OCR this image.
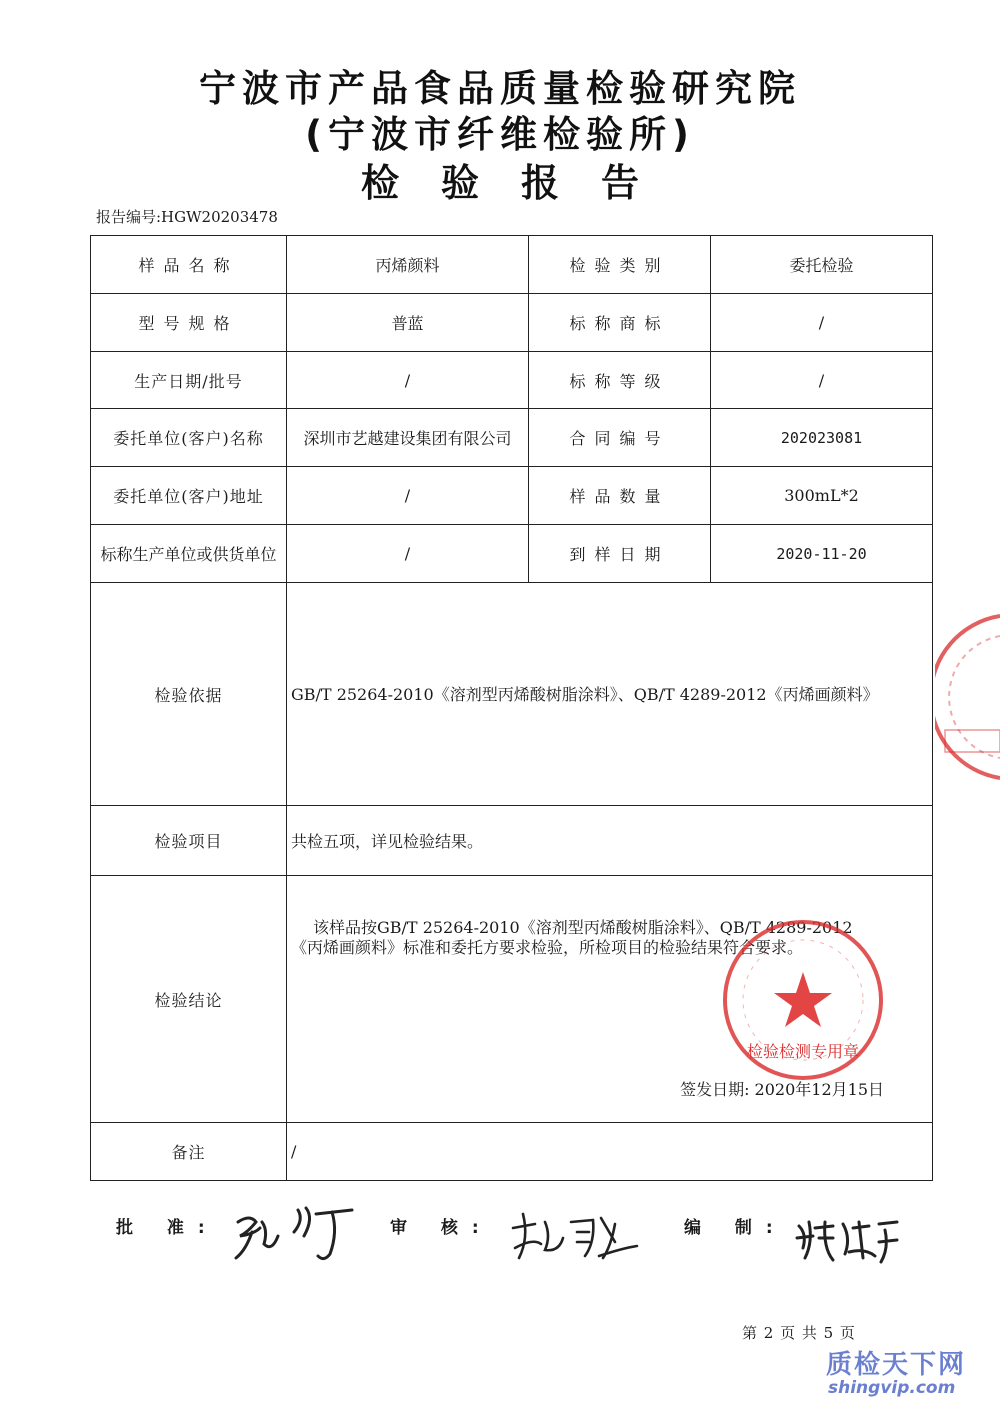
宁波市产品食品质量检验研究院
(宁波市纤维检验所)
检验报告
报告编号:HGW20203478
样品名称	丙烯颜料	检验类别	委托检验
型号规格	普蓝	标称商标	/
生产日期/批号	/	标称等级	/
委托单位(客户)名称	深圳市艺越建设集团有限公司	合同编号	202023081
委托单位(客户)地址	/	样品数量	300mL*2
标称生产单位或供货单位	/	到样日期	2020-11-20
检验依据	GB/T 25264-2010《溶剂型丙烯酸树脂涂料》、QB/T 4289-2012《丙烯画颜料》		
检验项目	共检五项，详见检验结果。		
检验结论	该样品按GB/T 25264-2010《溶剂型丙烯酸树脂涂料》、QB/T 4289-2012《丙烯画颜料》标准和委托方要求检验，所检项目的检验结果符合要求。
签发日期: 2020年12月15日		

备注	/		
检验检测专用章
批 准:	审 核:	编 制:
第 2 页 共 5 页
质检天下网
shingvip.com
